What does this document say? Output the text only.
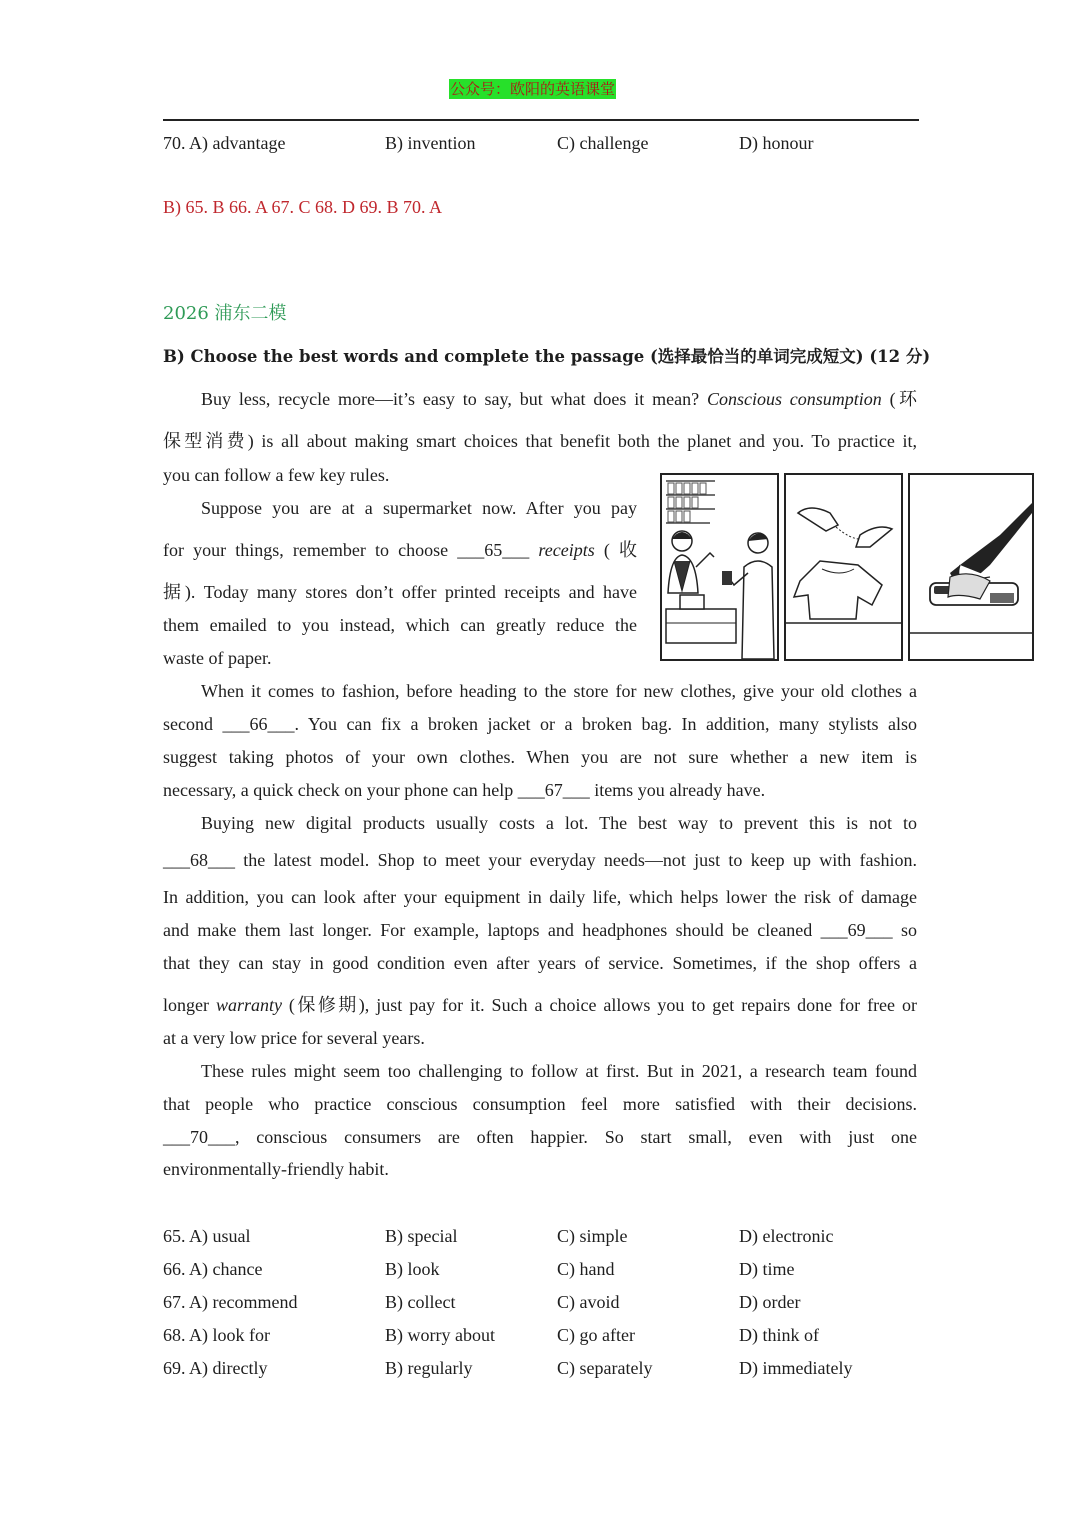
公众号：欧阳的英语课堂
70. A) advantage	B) invention	C) challenge	D) honour
B) 65. B 66. A 67. C 68. D 69. B 70. A
2026 浦东二模
B) Choose the best words and complete the passage (选择最恰当的单词完成短文) (12 分)
Buy less, recycle more—it’s easy to say, but what does it mean? Conscious consumption (环
保型消费) is all about making smart choices that benefit both the planet and you. To practice it,
you can follow a few key rules.
Suppose you are at a supermarket now. After you pay
for your things, remember to choose ___65___ receipts ( 收
据). Today many stores don’t offer printed receipts and have
them emailed to you instead, which can greatly reduce the
waste of paper.
When it comes to fashion, before heading to the store for new clothes, give your old clothes a
second ___66___. You can fix a broken jacket or a broken bag. In addition, many stylists also
suggest taking photos of your own clothes. When you are not sure whether a new item is
necessary, a quick check on your phone can help ___67___ items you already have.
Buying new digital products usually costs a lot. The best way to prevent this is not to
___68___ the latest model. Shop to meet your everyday needs—not just to keep up with fashion.
In addition, you can look after your equipment in daily life, which helps lower the risk of damage
and make them last longer. For example, laptops and headphones should be cleaned ___69___ so
that they can stay in good condition even after years of service. Sometimes, if the shop offers a
longer warranty (保修期), just pay for it. Such a choice allows you to get repairs done for free or
at a very low price for several years.
These rules might seem too challenging to follow at first. But in 2021, a research team found
that people who practice conscious consumption feel more satisfied with their decisions.
___70___, conscious consumers are often happier. So start small, even with just one
environmentally-friendly habit.
65. A) usual	B) special	C) simple	D) electronic
66. A) chance	B) look	C) hand	D) time
67. A) recommend	B) collect	C) avoid	D) order
68. A) look for	B) worry about	C) go after	D) think of
69. A) directly	B) regularly	C) separately	D) immediately
